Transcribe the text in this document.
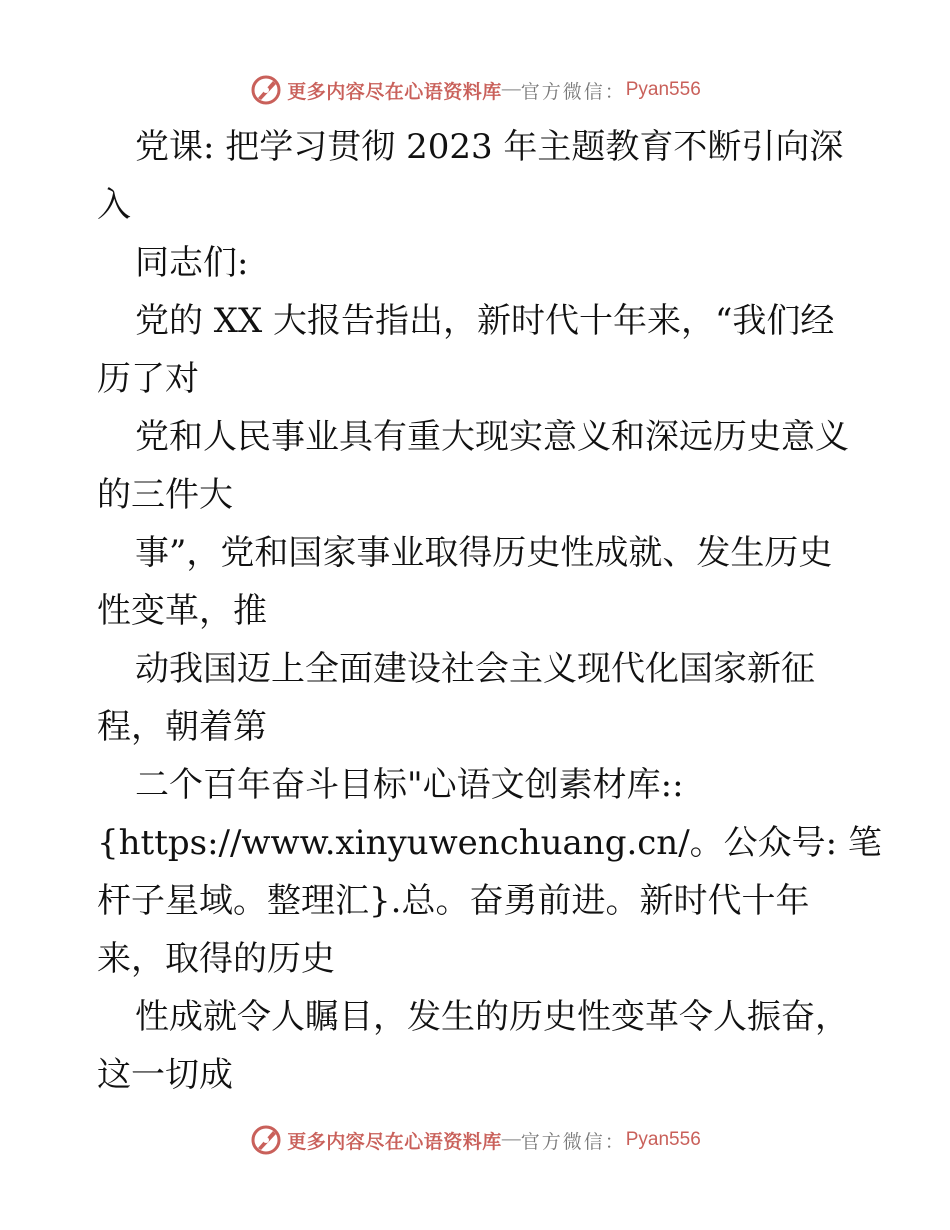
更多内容尽在心语资料库 — 官方微信： Pyan556

党课: 把学习贯彻 2023 年主题教育不断引向深

入

同志们:

党的 XX 大报告指出，新时代十年来，“我们经

历了对

党和人民事业具有重大现实意义和深远历史意义

的三件大

事”，党和国家事业取得历史性成就、发生历史

性变革，推

动我国迈上全面建设社会主义现代化国家新征

程，朝着第

二个百年奋斗目标"心语文创素材库::

{https://www.xinyuwenchuang.cn/。公众号: 笔

杆子星域。整理汇}.总。奋勇前进。新时代十年

来，取得的历史

性成就令人瞩目，发生的历史性变革令人振奋，

这一切成

更多内容尽在心语资料库 — 官方微信： Pyan556
